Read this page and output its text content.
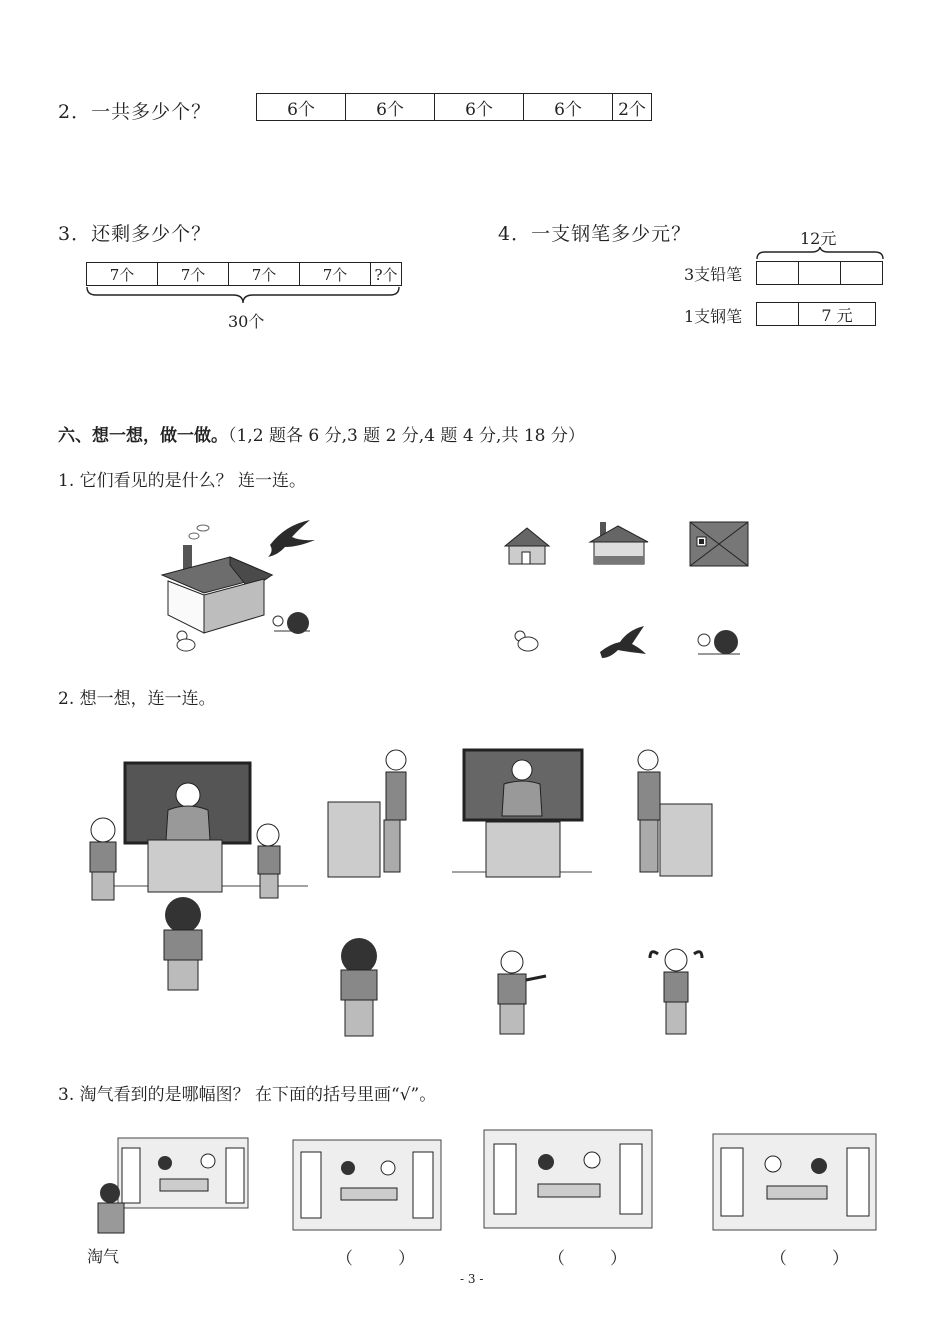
2．一共多少个？	6个	6个	6个	6个	2个
3．还剩多少个？
7个	7个	7个	7个	?个
30个
4．一支钢笔多少元？	12元
3支铅笔
1支钢笔	7 元
六、想一想，做一做。（1,2 题各 6 分,3 题 2 分,4 题 4 分,共 18 分）
1. 它们看见的是什么？ 连一连。
2. 想一想，连一连。
3. 淘气看到的是哪幅图？ 在下面的括号里画“√”。
淘气	（　）	（　）	（　）
- 3 -
